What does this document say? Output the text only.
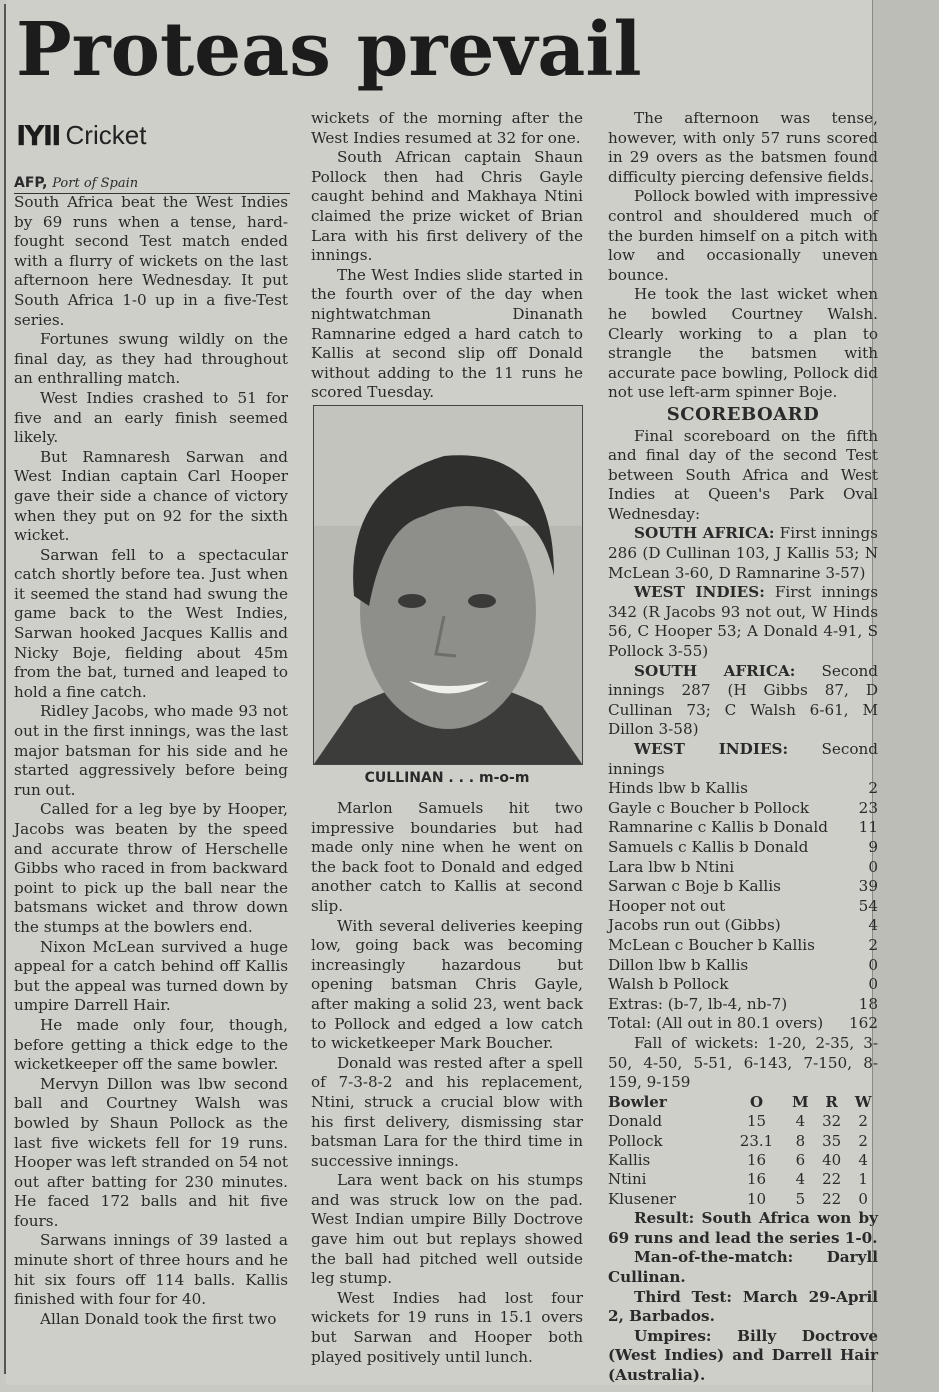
Proteas prevail
IYII Cricket
AFP, Port of Spain

South Africa beat the West Indies by 69 runs when a tense, hard-fought second Test match ended with a flurry of wickets on the last afternoon here Wednesday. It put South Africa 1-0 up in a five-Test series.

Fortunes swung wildly on the final day, as they had throughout an enthralling match.

West Indies crashed to 51 for five and an early finish seemed likely.

But Ramnaresh Sarwan and West Indian captain Carl Hooper gave their side a chance of victory when they put on 92 for the sixth wicket.

Sarwan fell to a spectacular catch shortly before tea. Just when it seemed the stand had swung the game back to the West Indies, Sarwan hooked Jacques Kallis and Nicky Boje, fielding about 45m from the bat, turned and leaped to hold a fine catch.

Ridley Jacobs, who made 93 not out in the first innings, was the last major batsman for his side and he started aggressively before being run out.

Called for a leg bye by Hooper, Jacobs was beaten by the speed and accurate throw of Herschelle Gibbs who raced in from backward point to pick up the ball near the batsmans wicket and throw down the stumps at the bowlers end.

Nixon McLean survived a huge appeal for a catch behind off Kallis but the appeal was turned down by umpire Darrell Hair.

He made only four, though, before getting a thick edge to the wicketkeeper off the same bowler.

Mervyn Dillon was lbw second ball and Courtney Walsh was bowled by Shaun Pollock as the last five wickets fell for 19 runs. Hooper was left stranded on 54 not out after batting for 230 minutes. He faced 172 balls and hit five fours.

Sarwans innings of 39 lasted a minute short of three hours and he hit six fours off 114 balls. Kallis finished with four for 40.

Allan Donald took the first two

wickets of the morning after the West Indies resumed at 32 for one.

South African captain Shaun Pollock then had Chris Gayle caught behind and Makhaya Ntini claimed the prize wicket of Brian Lara with his first delivery of the innings.

The West Indies slide started in the fourth over of the day when nightwatchman Dinanath Ramnarine edged a hard catch to Kallis at second slip off Donald without adding to the 11 runs he scored Tuesday.

CULLINAN . . . m-o-m

Marlon Samuels hit two impressive boundaries but had made only nine when he went on the back foot to Donald and edged another catch to Kallis at second slip.

With several deliveries keeping low, going back was becoming increasingly hazardous but opening batsman Chris Gayle, after making a solid 23, went back to Pollock and edged a low catch to wicketkeeper Mark Boucher.

Donald was rested after a spell of 7-3-8-2 and his replacement, Ntini, struck a crucial blow with his first delivery, dismissing star batsman Lara for the third time in successive innings.

Lara went back on his stumps and was struck low on the pad. West Indian umpire Billy Doctrove gave him out but replays showed the ball had pitched well outside leg stump.

West Indies had lost four wickets for 19 runs in 15.1 overs but Sarwan and Hooper both played positively until lunch.

The afternoon was tense, however, with only 57 runs scored in 29 overs as the batsmen found difficulty piercing defensive fields.

Pollock bowled with impressive control and shouldered much of the burden himself on a pitch with low and occasionally uneven bounce.

He took the last wicket when he bowled Courtney Walsh. Clearly working to a plan to strangle the batsmen with accurate pace bowling, Pollock did not use left-arm spinner Boje.

SCOREBOARD

Final scoreboard on the fifth and final day of the second Test between South Africa and West Indies at Queen's Park Oval Wednesday:

SOUTH AFRICA: First innings 286 (D Cullinan 103, J Kallis 53; N McLean 3-60, D Ramnarine 3-57)

WEST INDIES: First innings 342 (R Jacobs 93 not out, W Hinds 56, C Hooper 53; A Donald 4-91, S Pollock 3-55)

SOUTH AFRICA: Second innings 287 (H Gibbs 87, D Cullinan 73; C Walsh 6-61, M Dillon 3-58)

WEST INDIES: Second innings

Hinds lbw b Kallis	2
Gayle c Boucher b Pollock	23
Ramnarine c Kallis b Donald 11
Samuels c Kallis b Donald	9
Lara lbw b Ntini	0
Sarwan c Boje b Kallis	39
Hooper not out	54
Jacobs run out (Gibbs)	4
McLean c Boucher b Kallis	2
Dillon lbw b Kallis	0
Walsh b Pollock	0
Extras: (b-7, lb-4, nb-7)	18
Total: (All out in 80.1 overs) 162

Fall of wickets: 1-20, 2-35, 3-50, 4-50, 5-51, 6-143, 7-150, 8-159, 9-159

Bowler	O	M	R	W
Donald	15	4	32	2
Pollock	23.1	8	35	2
Kallis	16	6	40	4
Ntini	16	4	22	1
Klusener	10	5	22	0

Result: South Africa won by 69 runs and lead the series 1-0.

Man-of-the-match: Daryll Cullinan.

Third Test: March 29-April 2, Barbados.

Umpires: Billy Doctrove (West Indies) and Darrell Hair (Australia).
